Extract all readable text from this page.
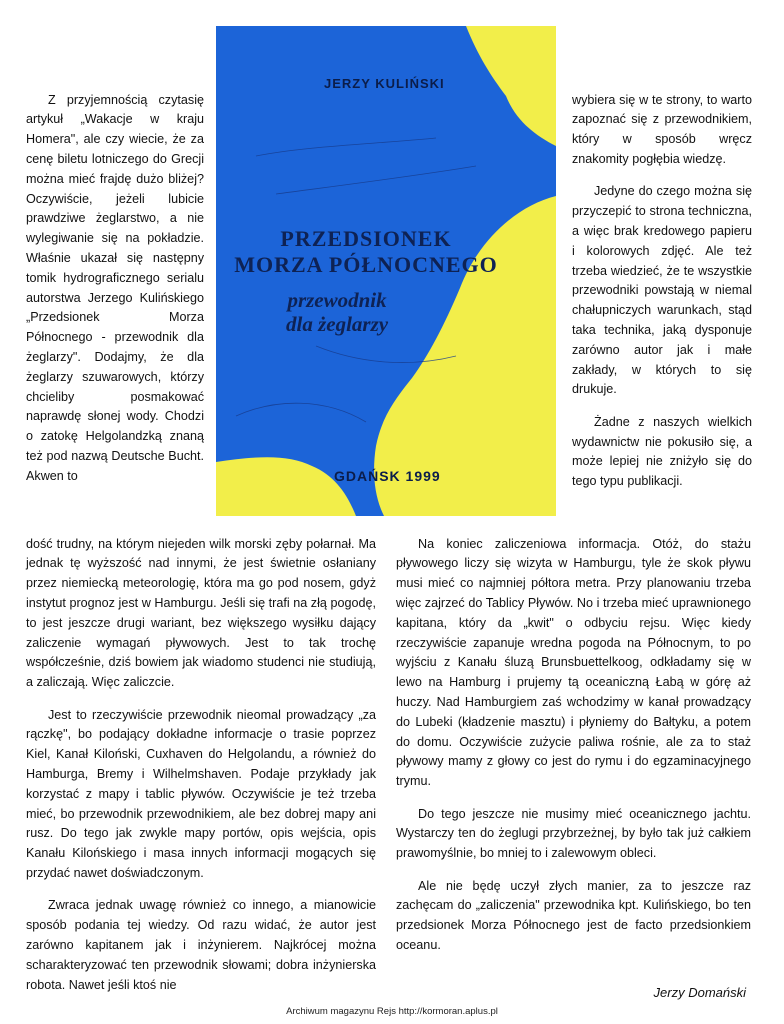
JERZY KULIŃSKI
PRZEDSIONEK
MORZA PÓŁNOCNEGO
przewodnik
dla żeglarzy
GDAŃSK 1999

Z przyjemnością czytasię artykuł „Wakacje w kraju Homera", ale czy wiecie, że za cenę biletu lotniczego do Grecji można mieć frajdę dużo bliżej? Oczywiście, jeżeli lubicie prawdziwe żeglarstwo, a nie wylegiwanie się na pokładzie. Właśnie ukazał się następny tomik hydrograficznego serialu autorstwa Jerzego Kulińskiego „Przedsionek Morza Północnego - przewodnik dla żeglarzy". Dodajmy, że dla żeglarzy szuwarowych, którzy chcieliby posmakować naprawdę słonej wody. Chodzi o zatokę Helgolandzką znaną też pod nazwą Deutsche Bucht. Akwen to

wybiera się w te strony, to warto zapoznać się z przewodnikiem, który w sposób wręcz znakomity pogłębia wiedzę.

Jedyne do czego można się przyczepić to strona techniczna, a więc brak kredowego papieru i kolorowych zdjęć. Ale też trzeba wiedzieć, że te wszystkie przewodniki powstają w niemal chałupniczych warunkach, stąd taka technika, jaką dysponuje zarówno autor jak i małe zakłady, w których to się drukuje.

Żadne z naszych wielkich wydawnictw nie pokusiło się, a może lepiej nie zniżyło się do tego typu publikacji.

dość trudny, na którym niejeden wilk morski zęby połarnał. Ma jednak tę wyższość nad innymi, że jest świetnie osłaniany przez niemiecką meteorologię, która ma go pod nosem, gdyż instytut prognoz jest w Hamburgu. Jeśli się trafi na złą pogodę, to jest jeszcze drugi wariant, bez większego wysiłku dający zaliczenie wymagań pływowych. Jest to tak trochę współcześnie, dziś bowiem jak wiadomo studenci nie studiują, a zaliczają. Więc zaliczcie.

Jest to rzeczywiście przewodnik nieomal prowadzący „za rączkę", bo podający dokładne informacje o trasie poprzez Kiel, Kanał Kiloński, Cuxhaven do Helgolandu, a również do Hamburga, Bremy i Wilhelmshaven. Podaje przykłady jak korzystać z mapy i tablic pływów. Oczywiście je też trzeba mieć, bo przewodnik przewodnikiem, ale bez dobrej mapy ani rusz. Do tego jak zwykle mapy portów, opis wejścia, opis Kanału Kilońskiego i masa innych informacji mogących się przydać nawet doświadczonym.

Zwraca jednak uwagę również co innego, a mianowicie sposób podania tej wiedzy. Od razu widać, że autor jest zarówno kapitanem jak i inżynierem. Najkrócej można scharakteryzować ten przewodnik słowami; dobra inżynierska robota. Nawet jeśli ktoś nie

Na koniec zaliczeniowa informacja. Otóż, do stażu pływowego liczy się wizyta w Hamburgu, tyle że skok pływu musi mieć co najmniej półtora metra. Przy planowaniu trzeba więc zajrzeć do Tablicy Pływów. No i trzeba mieć uprawnionego kapitana, który da „kwit" o odbyciu rejsu. Więc kiedy rzeczywiście zapanuje wredna pogoda na Północnym, to po wyjściu z Kanału śluzą Brunsbuettelkoog, odkładamy się w lewo na Hamburg i prujemy tą oceaniczną Łabą w górę aż huczy. Nad Hamburgiem zaś wchodzimy w kanał prowadzący do Lubeki (kładzenie masztu) i płyniemy do Bałtyku, a potem do domu. Oczywiście zużycie paliwa rośnie, ale za to staż pływowy mamy z głowy co jest do rymu i do egzaminacyjnego trymu.

Do tego jeszcze nie musimy mieć oceanicznego jachtu. Wystarczy ten do żeglugi przybrzeżnej, by było tak już całkiem prawomyślnie, bo mniej to i zalewowym obleci.

Ale nie będę uczył złych manier, za to jeszcze raz zachęcam do „zaliczenia" przewodnika kpt. Kulińskiego, bo ten przedsionek Morza Północnego jest de facto przedsionkiem oceanu.

Jerzy Domański
Archiwum magazynu Rejs http://kormoran.aplus.pl
